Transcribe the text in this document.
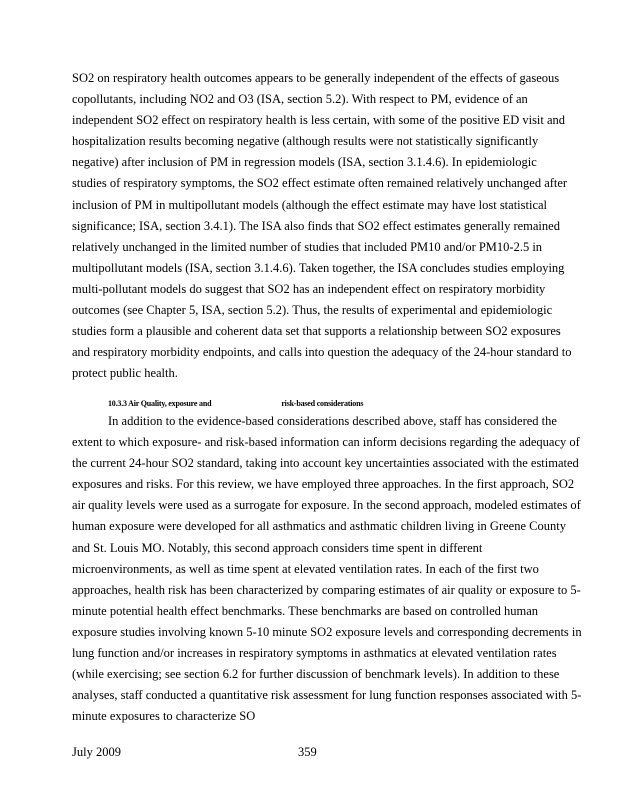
SO2 on respiratory health outcomes appears to be generally independent of the effects of gaseous copollutants, including NO2 and O3 (ISA, section 5.2). With respect to PM, evidence of an independent SO2 effect on respiratory health is less certain, with some of the positive ED visit and hospitalization results becoming negative (although results were not statistically significantly negative) after inclusion of PM in regression models (ISA, section 3.1.4.6). In epidemiologic studies of respiratory symptoms, the SO2 effect estimate often remained relatively unchanged after inclusion of PM in multipollutant models (although the effect estimate may have lost statistical significance; ISA, section 3.4.1). The ISA also finds that SO2 effect estimates generally remained relatively unchanged in the limited number of studies that included PM10 and/or PM10-2.5 in multipollutant models (ISA, section 3.1.4.6). Taken together, the ISA concludes studies employing multi-pollutant models do suggest that SO2 has an independent effect on respiratory morbidity outcomes (see Chapter 5, ISA, section 5.2). Thus, the results of experimental and epidemiologic studies form a plausible and coherent data set that supports a relationship between SO2 exposures and respiratory morbidity endpoints, and calls into question the adequacy of the 24-hour standard to protect public health.

10.3.3 Air Quality, exposure and	risk-based considerations

In addition to the evidence-based considerations described above, staff has considered the extent to which exposure- and risk-based information can inform decisions regarding the adequacy of the current 24-hour SO2 standard, taking into account key uncertainties associated with the estimated exposures and risks. For this review, we have employed three approaches. In the first approach, SO2 air quality levels were used as a surrogate for exposure. In the second approach, modeled estimates of human exposure were developed for all asthmatics and asthmatic children living in Greene County and St. Louis MO. Notably, this second approach considers time spent in different microenvironments, as well as time spent at elevated ventilation rates. In each of the first two approaches, health risk has been characterized by comparing estimates of air quality or exposure to 5-minute potential health effect benchmarks. These benchmarks are based on controlled human exposure studies involving known 5-10 minute SO2 exposure levels and corresponding decrements in lung function and/or increases in respiratory symptoms in asthmatics at elevated ventilation rates (while exercising; see section 6.2 for further discussion of benchmark levels). In addition to these analyses, staff conducted a quantitative risk assessment for lung function responses associated with 5-minute exposures to characterize SO

July 2009	359
